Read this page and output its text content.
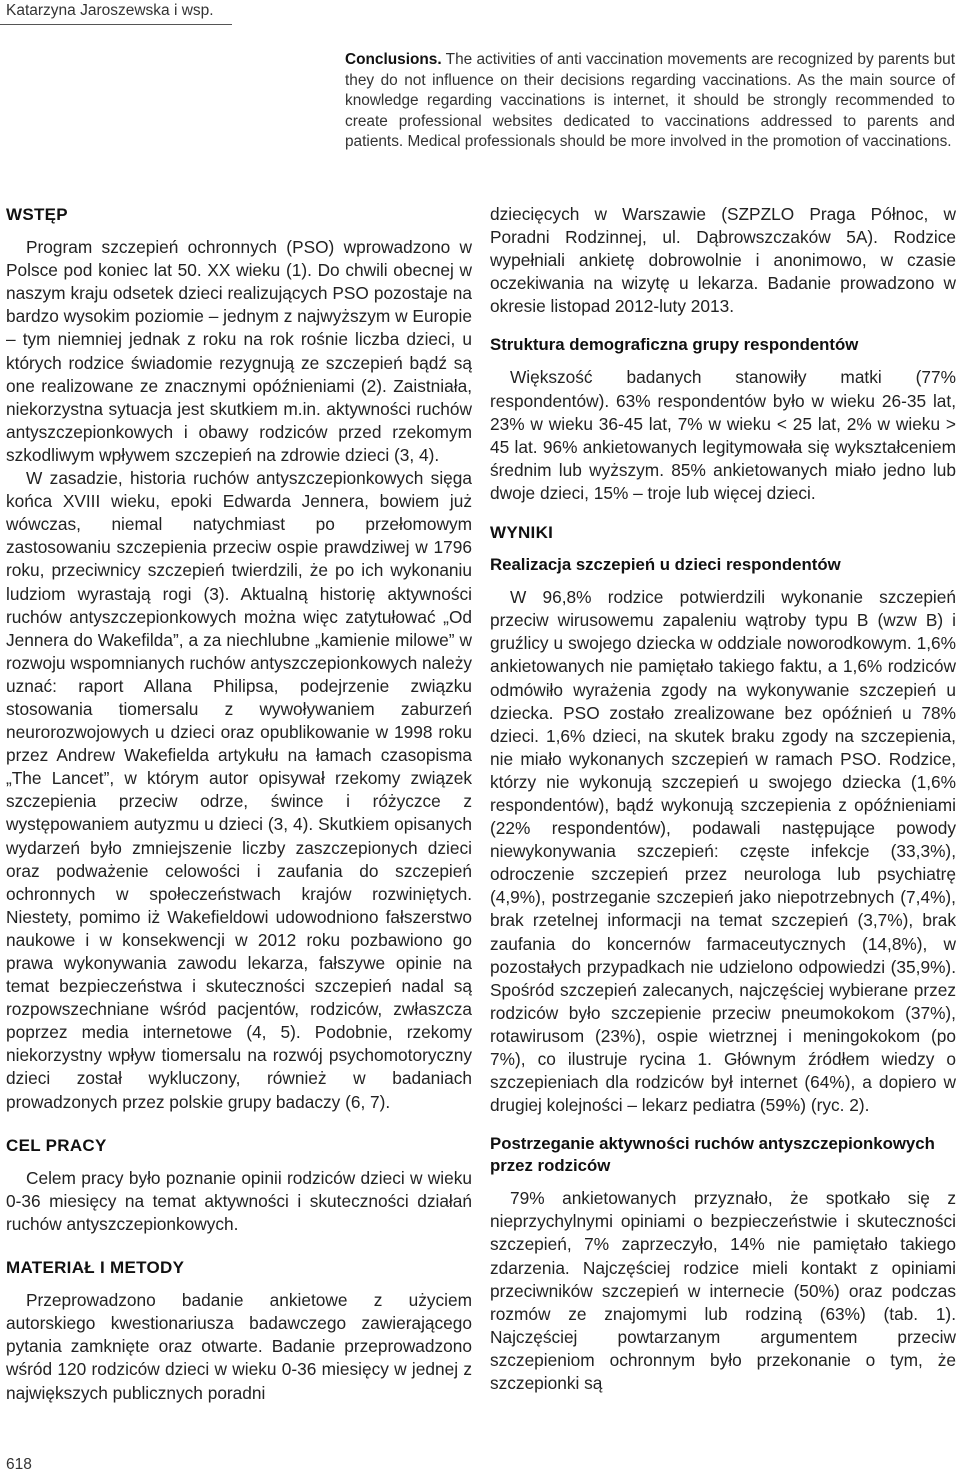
Katarzyna Jaroszewska i wsp.
Conclusions. The activities of anti vaccination movements are recognized by parents but they do not influence on their decisions regarding vaccinations. As the main source of knowledge regarding vaccinations is internet, it should be strongly recommended to create professional websites dedicated to vaccinations addressed to parents and patients. Medical professionals should be more involved in the promotion of vaccinations.
WSTĘP

Program szczepień ochronnych (PSO) wprowadzono w Polsce pod koniec lat 50. XX wieku (1). Do chwili obecnej w naszym kraju odsetek dzieci realizujących PSO pozostaje na bardzo wysokim poziomie – jednym z najwyższym w Europie – tym niemniej jednak z roku na rok rośnie liczba dzieci, u których rodzice świadomie rezygnują ze szczepień bądź są one realizowane ze znacznymi opóźnieniami (2). Zaistniała, niekorzystna sytuacja jest skutkiem m.in. aktywności ruchów antyszczepionkowych i obawy rodziców przed rzekomym szkodliwym wpływem szczepień na zdrowie dzieci (3, 4).

W zasadzie, historia ruchów antyszczepionkowych sięga końca XVIII wieku, epoki Edwarda Jennera, bowiem już wówczas, niemal natychmiast po przełomowym zastosowaniu szczepienia przeciw ospie prawdziwej w 1796 roku, przeciwnicy szczepień twierdzili, że po ich wykonaniu ludziom wyrastają rogi (3). Aktualną historię aktywności ruchów antyszczepionkowych można więc zatytułować „Od Jennera do Wakefilda”, a za niechlubne „kamienie milowe” w rozwoju wspomnianych ruchów antyszczepionkowych należy uznać: raport Allana Philipsa, podejrzenie związku stosowania tiomersalu z wywoływaniem zaburzeń neurorozwojowych u dzieci oraz opublikowanie w 1998 roku przez Andrew Wakefielda artykułu na łamach czasopisma „The Lancet”, w którym autor opisywał rzekomy związek szczepienia przeciw odrze, śwince i różyczce z występowaniem autyzmu u dzieci (3, 4). Skutkiem opisanych wydarzeń było zmniejszenie liczby zaszczepionych dzieci oraz podważenie celowości i zaufania do szczepień ochronnych w społeczeństwach krajów rozwiniętych. Niestety, pomimo iż Wakefieldowi udowodniono fałszerstwo naukowe i w konsekwencji w 2012 roku pozbawiono go prawa wykonywania zawodu lekarza, fałszywe opinie na temat bezpieczeństwa i skuteczności szczepień nadal są rozpowszechniane wśród pacjentów, rodziców, zwłaszcza poprzez media internetowe (4, 5). Podobnie, rzekomy niekorzystny wpływ tiomersalu na rozwój psychomotoryczny dzieci został wykluczony, również w badaniach prowadzonych przez polskie grupy badaczy (6, 7).

CEL PRACY

Celem pracy było poznanie opinii rodziców dzieci w wieku 0-36 miesięcy na temat aktywności i skuteczności działań ruchów antyszczepionkowych.

MATERIAŁ I METODY

Przeprowadzono badanie ankietowe z użyciem autorskiego kwestionariusza badawczego zawierającego pytania zamknięte oraz otwarte. Badanie przeprowadzono wśród 120 rodziców dzieci w wieku 0-36 miesięcy w jednej z największych publicznych poradni

dziecięcych w Warszawie (SZPZLO Praga Północ, w Poradni Rodzinnej, ul. Dąbrowszczaków 5A). Rodzice wypełniali ankietę dobrowolnie i anonimowo, w czasie oczekiwania na wizytę u lekarza. Badanie prowadzono w okresie listopad 2012-luty 2013.

Struktura demograficzna grupy respondentów

Większość badanych stanowiły matki (77% respondentów). 63% respondentów było w wieku 26-35 lat, 23% w wieku 36-45 lat, 7% w wieku < 25 lat, 2% w wieku > 45 lat. 96% ankietowanych legitymowała się wykształceniem średnim lub wyższym. 85% ankietowanych miało jedno lub dwoje dzieci, 15% – troje lub więcej dzieci.

WYNIKI
Realizacja szczepień u dzieci respondentów

W 96,8% rodzice potwierdzili wykonanie szczepień przeciw wirusowemu zapaleniu wątroby typu B (wzw B) i gruźlicy u swojego dziecka w oddziale noworodkowym. 1,6% ankietowanych nie pamiętało takiego faktu, a 1,6% rodziców odmówiło wyrażenia zgody na wykonywanie szczepień u dziecka. PSO zostało zrealizowane bez opóźnień u 78% dzieci. 1,6% dzieci, na skutek braku zgody na szczepienia, nie miało wykonanych szczepień w ramach PSO. Rodzice, którzy nie wykonują szczepień u swojego dziecka (1,6% respondentów), bądź wykonują szczepienia z opóźnieniami (22% respondentów), podawali następujące powody niewykonywania szczepień: częste infekcje (33,3%), odroczenie szczepień przez neurologa lub psychiatrę (4,9%), postrzeganie szczepień jako niepotrzebnych (7,4%), brak rzetelnej informacji na temat szczepień (3,7%), brak zaufania do koncernów farmaceutycznych (14,8%), w pozostałych przypadkach nie udzielono odpowiedzi (35,9%). Spośród szczepień zalecanych, najczęściej wybierane przez rodziców było szczepienie przeciw pneumokokom (37%), rotawirusom (23%), ospie wietrznej i meningokokom (po 7%), co ilustruje rycina 1. Głównym źródłem wiedzy o szczepieniach dla rodziców był internet (64%), a dopiero w drugiej kolejności – lekarz pediatra (59%) (ryc. 2).

Postrzeganie aktywności ruchów antyszczepionkowych przez rodziców

79% ankietowanych przyznało, że spotkało się z nieprzychylnymi opiniami o bezpieczeństwie i skuteczności szczepień, 7% zaprzeczyło, 14% nie pamiętało takiego zdarzenia. Najczęściej rodzice mieli kontakt z opiniami przeciwników szczepień w internecie (50%) oraz podczas rozmów ze znajomymi lub rodziną (63%) (tab. 1). Najczęściej powtarzanym argumentem przeciw szczepieniom ochronnym było przekonanie o tym, że szczepionki są

618
